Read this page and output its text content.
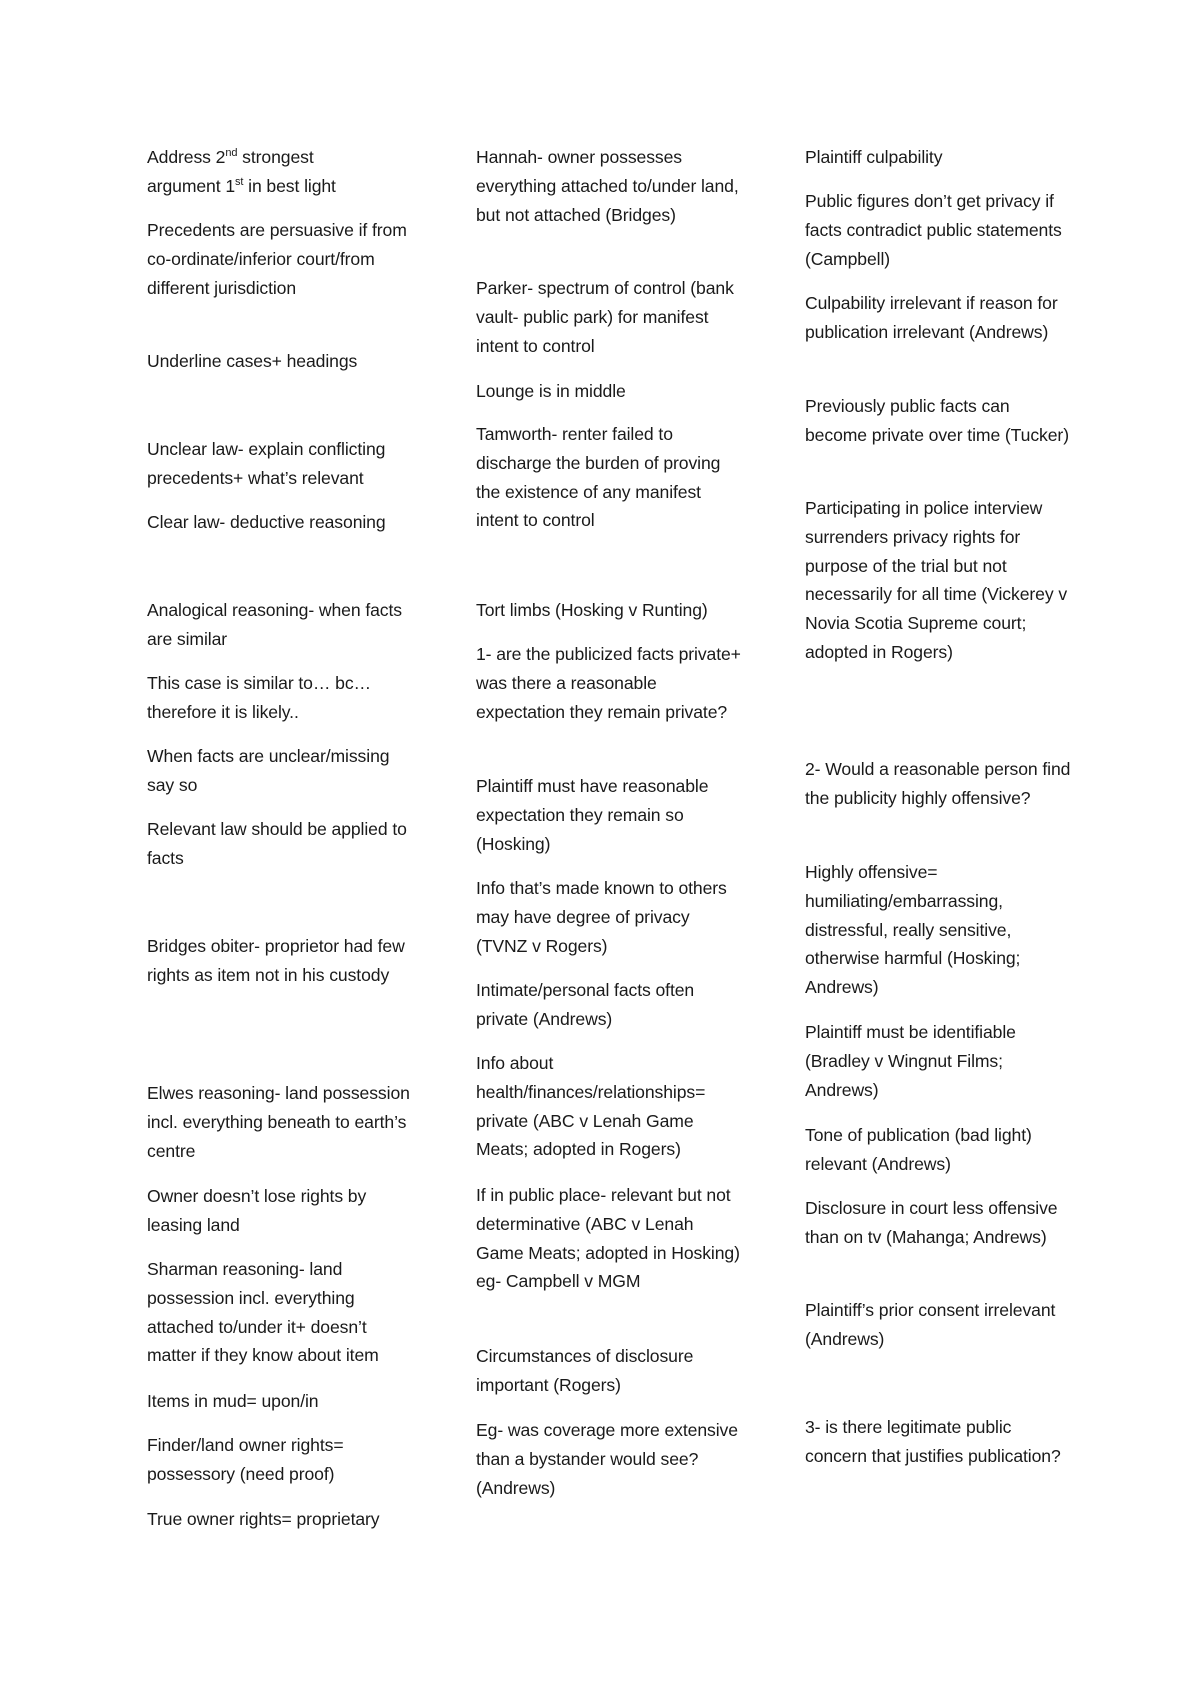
Address 2nd strongest

argument 1st in best light

Precedents are persuasive if from co-ordinate/inferior court/from different jurisdiction

Underline cases+ headings

Unclear law- explain conflicting precedents+ what’s relevant

Clear law- deductive reasoning

Analogical reasoning- when facts are similar

This case is similar to… bc… therefore it is likely..

When facts are unclear/missing say so

Relevant law should be applied to facts

Bridges obiter- proprietor had few rights as item not in his custody

Elwes reasoning- land possession incl. everything beneath to earth’s centre

Owner doesn’t lose rights by leasing land

Sharman reasoning- land possession incl. everything attached to/under it+ doesn’t matter if they know about item

Items in mud= upon/in

Finder/land owner rights= possessory (need proof)

True owner rights= proprietary

Hannah- owner possesses everything attached to/under land, but not attached (Bridges)

Parker- spectrum of control (bank vault- public park) for manifest intent to control

Lounge is in middle

Tamworth- renter failed to discharge the burden of proving the existence of any manifest intent to control

Tort limbs (Hosking v Runting)

1- are the publicized facts private+ was there a reasonable expectation they remain private?

Plaintiff must have reasonable expectation they remain so (Hosking)

Info that’s made known to others may have degree of privacy (TVNZ v Rogers)

Intimate/personal facts often private (Andrews)

Info about health/finances/relationships= private (ABC v Lenah Game Meats; adopted in Rogers)

If in public place- relevant but not determinative (ABC v Lenah Game Meats; adopted in Hosking) eg- Campbell v MGM

Circumstances of disclosure important (Rogers)

Eg- was coverage more extensive than a bystander would see? (Andrews)

Plaintiff culpability

Public figures don’t get privacy if facts contradict public statements (Campbell)

Culpability irrelevant if reason for publication irrelevant (Andrews)

Previously public facts can become private over time (Tucker)

Participating in police interview surrenders privacy rights for purpose of the trial but not necessarily for all time (Vickerey v Novia Scotia Supreme court; adopted in Rogers)

2- Would a reasonable person find the publicity highly offensive?

Highly offensive= humiliating/embarrassing, distressful, really sensitive, otherwise harmful (Hosking; Andrews)

Plaintiff must be identifiable (Bradley v Wingnut Films; Andrews)

Tone of publication (bad light) relevant (Andrews)

Disclosure in court less offensive than on tv (Mahanga; Andrews)

Plaintiff’s prior consent irrelevant (Andrews)

3- is there legitimate public concern that justifies publication?
